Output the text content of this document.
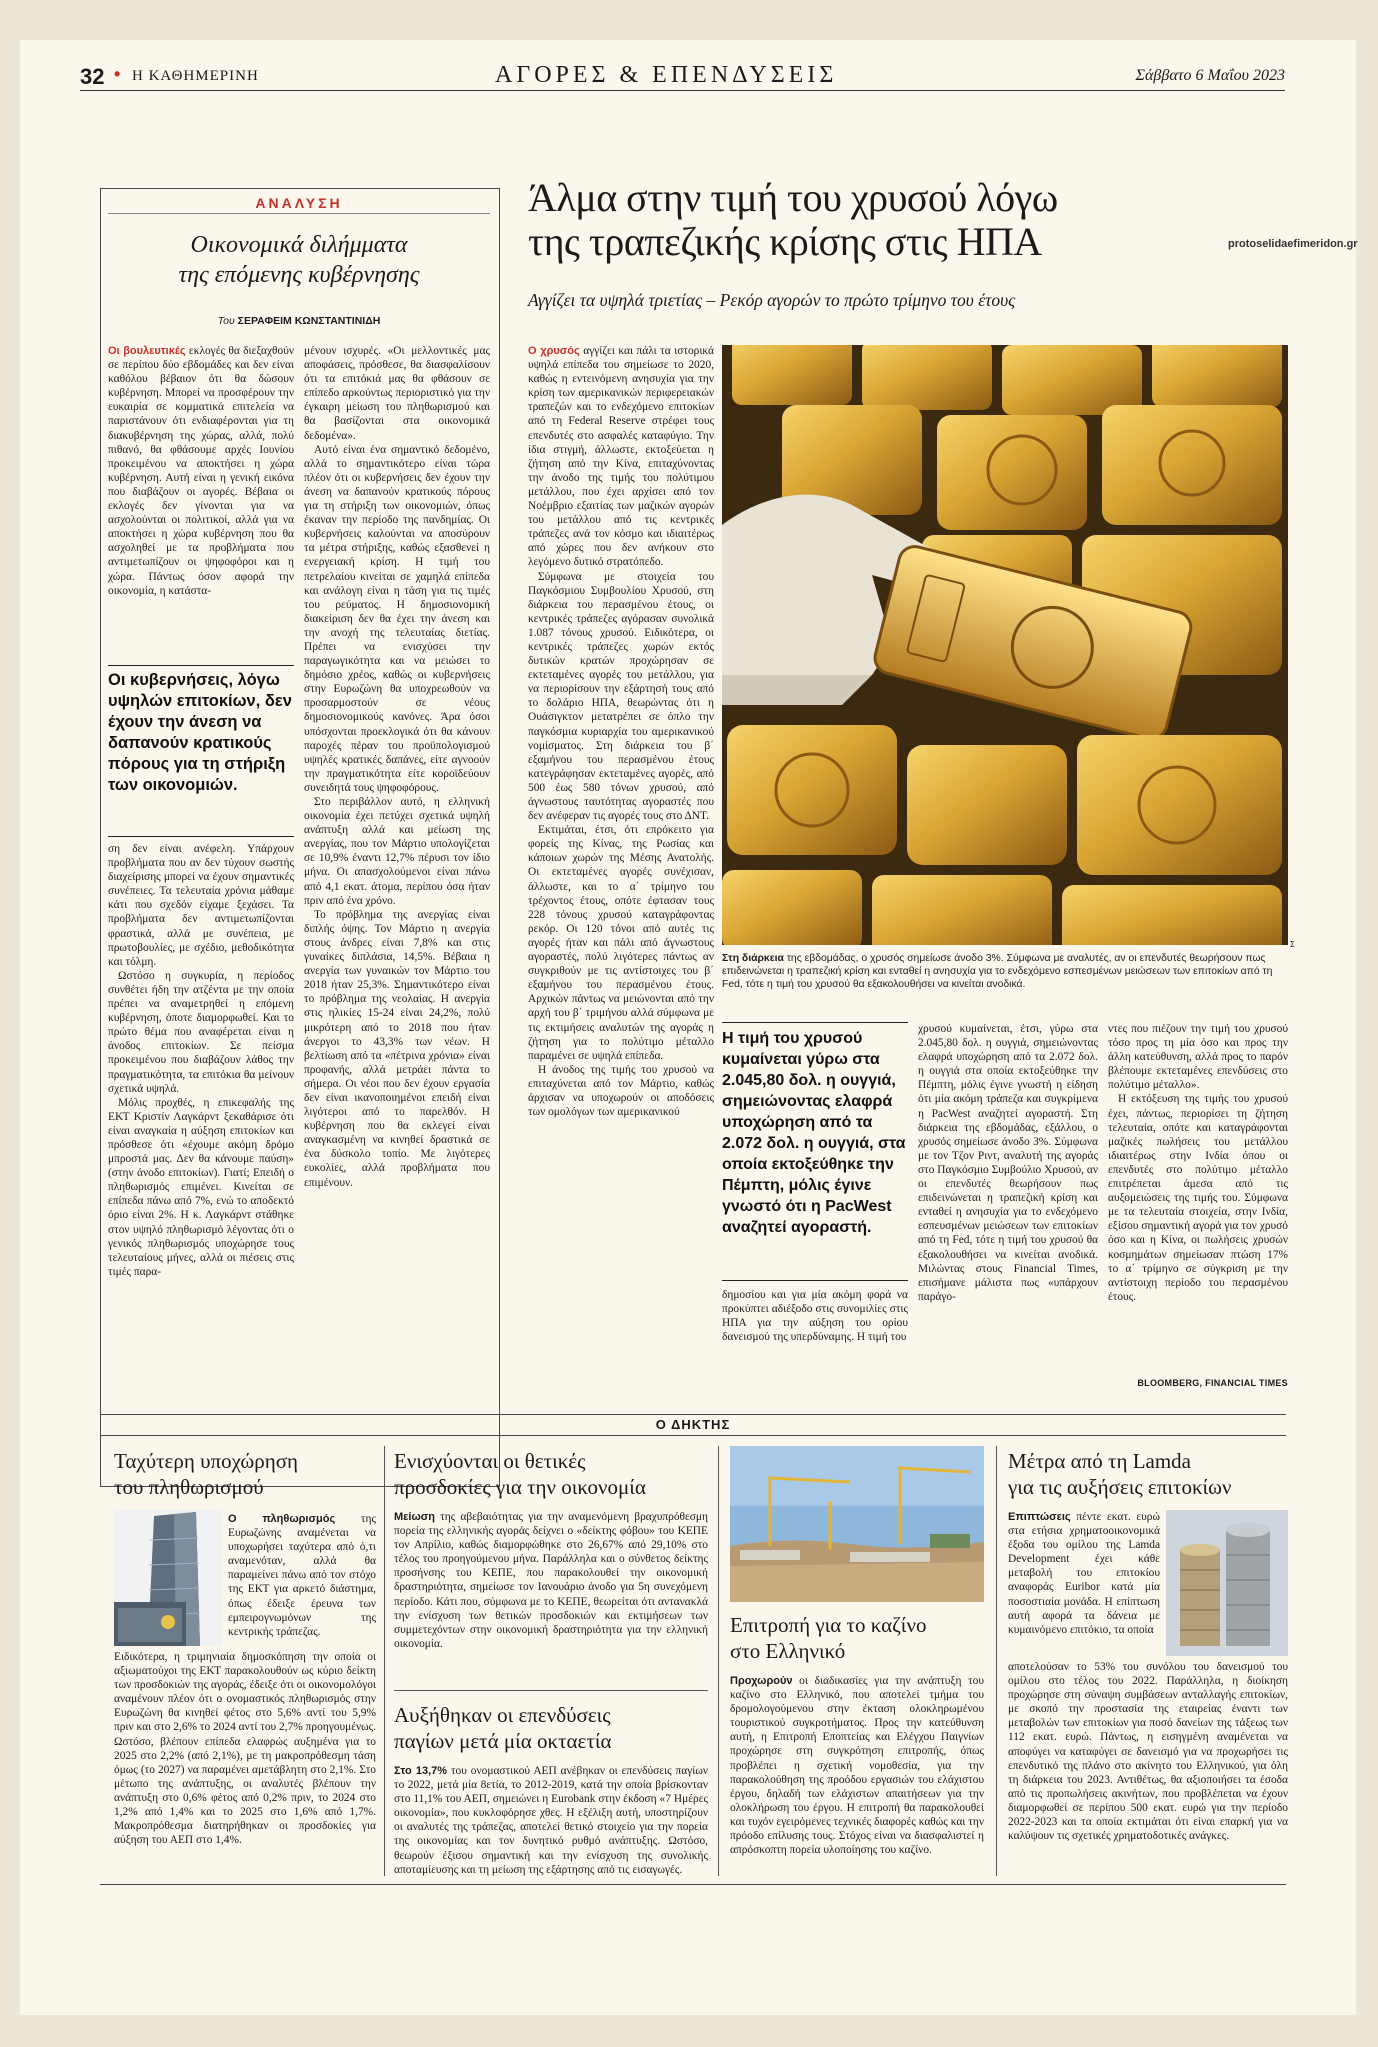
32 • Η ΚΑΘΗΜΕΡΙΝΗ	ΑΓΟΡΕΣ & ΕΠΕΝΔΥΣΕΙΣ	Σάββατο 6 Μαΐου 2023
ΑΝΑΛΥΣΗ
Οικονομικά διλήμματα
της επόμενης κυβέρνησης
Του ΣΕΡΑΦΕΙΜ ΚΩΝΣΤΑΝΤΙΝΙΔΗ

Οι βουλευτικές εκλογές θα διεξαχθούν σε περίπου δύο εβδομάδες και δεν είναι καθόλου βέβαιον ότι θα δώσουν κυβέρνηση. Μπορεί να προσφέρουν την ευκαιρία σε κομματικά επιτελεία να παριστάνουν ότι ενδιαφέρονται για τη διακυβέρνηση της χώρας, αλλά, πολύ πιθανό, θα φθάσουμε αρχές Ιουνίου προκειμένου να αποκτήσει η χώρα κυβέρνηση. Αυτή είναι η γενική εικόνα που διαβάζουν οι αγορές. Βέβαια οι εκλογές δεν γίνονται για να ασχολούνται οι πολιτικοί, αλλά για να αποκτήσει η χώρα κυβέρνηση που θα ασχοληθεί με τα προβλήματα που αντιμετωπίζουν οι ψηφοφόροι και η χώρα. Πάντως όσον αφορά την οικονομία, η κατάστα-

Οι κυβερνήσεις, λόγω υψηλών επιτοκίων, δεν έχουν την άνεση να δαπανούν κρατικούς πόρους για τη στήριξη των οικονομιών.

ση δεν είναι ανέφελη. Υπάρχουν προβλήματα που αν δεν τύχουν σωστής διαχείρισης μπορεί να έχουν σημαντικές συνέπειες. Τα τελευταία χρόνια μάθαμε κάτι που σχεδόν είχαμε ξεχάσει. Τα προβλήματα δεν αντιμετωπίζονται φραστικά, αλλά με συνέπεια, με πρωτοβουλίες, με σχέδιο, μεθοδικότητα και τόλμη.

Ωστόσο η συγκυρία, η περίοδος συνθέτει ήδη την ατζέντα με την οποία πρέπει να αναμετρηθεί η επόμενη κυβέρνηση, όποτε διαμορφωθεί. Και το πρώτο θέμα που αναφέρεται είναι η άνοδος επιτοκίων. Σε πείσμα προκειμένου που διαβάζουν λάθος την πραγματικότητα, τα επιτόκια θα μείνουν σχετικά υψηλά.

Μόλις προχθές, η επικεφαλής της ΕΚΤ Κριστίν Λαγκάρντ ξεκαθάρισε ότι είναι αναγκαία η αύξηση επιτοκίων και πρόσθεσε ότι «έχουμε ακόμη δρόμο μπροστά μας. Δεν θα κάνουμε παύση» (στην άνοδο επιτοκίων). Γιατί; Επειδή ο πληθωρισμός επιμένει. Κινείται σε επίπεδα πάνω από 7%, ενώ το αποδεκτό όριο είναι 2%. Η κ. Λαγκάρντ στάθηκε στον υψηλό πληθωρισμό λέγοντας ότι ο γενικός πληθωρισμός υποχώρησε τους τελευταίους μήνες, αλλά οι πιέσεις στις τιμές παρα-

μένουν ισχυρές. «Οι μελλοντικές μας αποφάσεις, πρόσθεσε, θα διασφαλίσουν ότι τα επιτόκιά μας θα φθάσουν σε επίπεδο αρκούντως περιοριστικό για την έγκαιρη μείωση του πληθωρισμού και θα βασίζονται στα οικονομικά δεδομένα».

Αυτό είναι ένα σημαντικό δεδομένο, αλλά το σημαντικότερο είναι τώρα πλέον ότι οι κυβερνήσεις δεν έχουν την άνεση να δαπανούν κρατικούς πόρους για τη στήριξη των οικονομιών, όπως έκαναν την περίοδο της πανδημίας. Οι κυβερνήσεις καλούνται να αποσύρουν τα μέτρα στήριξης, καθώς εξασθενεί η ενεργειακή κρίση. Η τιμή του πετρελαίου κινείται σε χαμηλά επίπεδα και ανάλογη είναι η τάση για τις τιμές του ρεύματος. Η δημοσιονομική διακείριση δεν θα έχει την άνεση και την ανοχή της τελευταίας διετίας. Πρέπει να ενισχύσει την παραγωγικότητα και να μειώσει το δημόσιο χρέος, καθώς οι κυβερνήσεις στην Ευρωζώνη θα υποχρεωθούν να προσαρμοστούν σε νέους δημοσιονομικούς κανόνες. Άρα όσοι υπόσχονται προεκλογικά ότι θα κάνουν παροχές πέραν του προϋπολογισμού υψηλές κρατικές δαπάνες, είτε αγνοούν την πραγματικότητα είτε κοροϊδεύουν συνειδητά τους ψηφοφόρους.

Στο περιβάλλον αυτό, η ελληνική οικονομία έχει πετύχει σχετικά υψηλή ανάπτυξη αλλά και μείωση της ανεργίας, που τον Μάρτιο υπολογίζεται σε 10,9% έναντι 12,7% πέρυσι τον ίδιο μήνα. Οι απασχολούμενοι είναι πάνω από 4,1 εκατ. άτομα, περίπου όσα ήταν πριν από ένα χρόνο.

Το πρόβλημα της ανεργίας είναι διπλής όψης. Τον Μάρτιο η ανεργία στους άνδρες είναι 7,8% και στις γυναίκες διπλάσια, 14,5%. Βέβαια η ανεργία των γυναικών τον Μάρτιο του 2018 ήταν 25,3%. Σημαντικότερο είναι το πρόβλημα της νεολαίας. Η ανεργία στις ηλικίες 15-24 είναι 24,2%, πολύ μικρότερη από το 2018 που ήταν άνεργοι το 43,3% των νέων. Η βελτίωση από τα «πέτρινα χρόνια» είναι προφανής, αλλά μετράει πάντα το σήμερα. Οι νέοι που δεν έχουν εργασία δεν είναι ικανοποιημένοι επειδή είναι λιγότεροι από το παρελθόν. Η κυβέρνηση που θα εκλεγεί είναι αναγκασμένη να κινηθεί δραστικά σε ένα δύσκολο τοπίο. Με λιγότερες ευκολίες, αλλά προβλήματα που επιμένουν.

Άλμα στην τιμή του χρυσού λόγω
της τραπεζικής κρίσης στις ΗΠΑ	protoselidaefimeridon.gr
Αγγίζει τα υψηλά τριετίας – Ρεκόρ αγορών το πρώτο τρίμηνο του έτους

Ο χρυσός αγγίζει και πάλι τα ιστορικά υψηλά επίπεδα του σημείωσε το 2020, καθώς η εντεινόμενη ανησυχία για την κρίση των αμερικανικών περιφερειακών τραπεζών και το ενδεχόμενο επιτοκίων από τη Federal Reserve στρέφει τους επενδυτές στο ασφαλές καταφύγιο. Την ίδια στιγμή, άλλωστε, εκτοξεύεται η ζήτηση από την Κίνα, επιταχύνοντας την άνοδο της τιμής του πολύτιμου μετάλλου, που έχει αρχίσει από τον Νοέμβριο εξαιτίας των μαζικών αγορών του μετάλλου από τις κεντρικές τράπεζες ανά τον κόσμο και ιδιαιτέρως από χώρες που δεν ανήκουν στο λεγόμενο δυτικό στρατόπεδο.

Σύμφωνα με στοιχεία του Παγκόσμιου Συμβουλίου Χρυσού, στη διάρκεια του περασμένου έτους, οι κεντρικές τράπεζες αγόρασαν συνολικά 1.087 τόνους χρυσού. Ειδικότερα, οι κεντρικές τράπεζες χωρών εκτός δυτικών κρατών προχώρησαν σε εκτεταμένες αγορές του μετάλλου, για να περιορίσουν την εξάρτησή τους από το δολάριο ΗΠΑ, θεωρώντας ότι η Ουάσιγκτον μετατρέπει σε όπλο την παγκόσμια κυριαρχία του αμερικανικού νομίσματος. Στη διάρκεια του β΄ εξαμήνου του περασμένου έτους κατεγράφησαν εκτεταμένες αγορές, από 500 έως 580 τόνων χρυσού, από άγνωστους ταυτότητας αγοραστές που δεν ανέφεραν τις αγορές τους στο ΔΝΤ.

Εκτιμάται, έτσι, ότι επρόκειτο για φορείς της Κίνας, της Ρωσίας και κάποιων χωρών της Μέσης Ανατολής. Οι εκτεταμένες αγορές συνέχισαν, άλλωστε, και το α΄ τρίμηνο του τρέχοντος έτους, οπότε έφτασαν τους 228 τόνους χρυσού καταγράφοντας ρεκόρ. Οι 120 τόνοι από αυτές τις αγορές ήταν και πάλι από άγνωστους αγοραστές, πολύ λιγότερες πάντως αν συγκριθούν με τις αντίστοιχες του β΄ εξαμήνου του περασμένου έτους. Αρχικών πάντως να μειώνονται από την αρχή του β΄ τριμήνου αλλά σύμφωνα με τις εκτιμήσεις αναλυτών της αγοράς η ζήτηση για το πολύτιμο μέταλλο παραμένει σε υψηλά επίπεδα.

Η άνοδος της τιμής του χρυσού να επιταχύνεται από τον Μάρτιο, καθώς άρχισαν να υποχωρούν οι αποδόσεις των ομολόγων των αμερικανικού

Σ
Στη διάρκεια της εβδομάδας, ο χρυσός σημείωσε άνοδο 3%. Σύμφωνα με αναλυτές, αν οι επενδυτές θεωρήσουν πως επιδεινώνεται η τραπεζική κρίση και ενταθεί η ανησυχία για το ενδεχόμενο εσπεσμένων μειώσεων των επιτοκίων από τη Fed, τότε η τιμή του χρυσού θα εξακολουθήσει να κινείται ανοδικά.
Η τιμή του χρυσού κυμαίνεται γύρω στα 2.045,80 δολ. η ουγγιά, σημειώνοντας ελαφρά υποχώρηση από τα 2.072 δολ. η ουγγιά, στα οποία εκτοξεύθηκε την Πέμπτη, μόλις έγινε γνωστό ότι η PacWest αναζητεί αγοραστή.

δημοσίου και για μία ακόμη φορά να προκύπτει αδιέξοδο στις συνομιλίες στις ΗΠΑ για την αύξηση του ορίου δανεισμού της υπερδύναμης. Η τιμή του

χρυσού κυμαίνεται, έτσι, γύρω στα 2.045,80 δολ. η ουγγιά, σημειώνοντας ελαφρά υποχώρηση από τα 2.072 δολ. η ουγγιά στα οποία εκτοξεύθηκε την Πέμπτη, μόλις έγινε γνωστή η είδηση ότι μία ακόμη τράπεζα και συγκρίμενα η PacWest αναζητεί αγοραστή. Στη διάρκεια της εβδομάδας, εξάλλου, ο χρυσός σημείωσε άνοδο 3%. Σύμφωνα με τον Τζον Ριντ, αναλυτή της αγοράς στο Παγκόσμιο Συμβούλιο Χρυσού, αν οι επενδυτές θεωρήσουν πως επιδεινώνεται η τραπεζική κρίση και ενταθεί η ανησυχία για το ενδεχόμενο εσπευσμένων μειώσεων των επιτοκίων από τη Fed, τότε η τιμή του χρυσού θα εξακολουθήσει να κινείται ανοδικά. Μιλώντας στους Financial Times, επισήμανε μάλιστα πως «υπάρχουν παράγο-

ντες που πιέζουν την τιμή του χρυσού τόσο προς τη μία όσο και προς την άλλη κατεύθυνση, αλλά προς το παρόν βλέπουμε εκτεταμένες επενδύσεις στο πολύτιμο μέταλλο».

Η εκτόξευση της τιμής του χρυσού έχει, πάντως, περιορίσει τη ζήτηση τελευταία, οπότε και καταγράφονται μαζικές πωλήσεις του μετάλλου ιδιαιτέρως στην Ινδία όπου οι επενδυτές στο πολύτιμο μέταλλο επιτρέπεται άμεσα από τις αυξομειώσεις της τιμής του. Σύμφωνα με τα τελευταία στοιχεία, στην Ινδία, εξίσου σημαντική αγορά για τον χρυσό όσο και η Κίνα, οι πωλήσεις χρυσών κοσμημάτων σημείωσαν πτώση 17% το α΄ τρίμηνο σε σύγκριση με την αντίστοιχη περίοδο του περασμένου έτους.

BLOOMBERG, FINANCIAL TIMES
Ο ΔΗΚΤΗΣ
Ταχύτερη υποχώρηση
του πληθωρισμού

Ο πληθωρισμός της Ευρωζώνης αναμένεται να υποχωρήσει ταχύτερα από ό,τι αναμενόταν, αλλά θα παραμείνει πάνω από τον στόχο της ΕΚΤ για αρκετό διάστημα, όπως έδειξε έρευνα των εμπειρογνωμόνων της κεντρικής τράπεζας.

Ειδικότερα, η τριμηνιαία δημοσκόπηση την οποία οι αξιωματούχοι της ΕΚΤ παρακολουθούν ως κύριο δείκτη των προσδοκιών της αγοράς, έδειξε ότι οι οικονομολόγοι αναμένουν πλέον ότι ο ονομαστικός πληθωρισμός στην Ευρωζώνη θα κινηθεί φέτος στο 5,6% αντί του 5,9% πριν και στο 2,6% το 2024 αντί του 2,7% προηγουμένως. Ωστόσο, βλέπουν επίπεδα ελαφρώς αυξημένα για το 2025 στο 2,2% (από 2,1%), με τη μακροπρόθεσμη τάση όμως (το 2027) να παραμένει αμετάβλητη στο 2,1%. Στο μέτωπο της ανάπτυξης, οι αναλυτές βλέπουν την ανάπτυξη στο 0,6% φέτος από 0,2% πριν, το 2024 στο 1,2% από 1,4% και το 2025 στο 1,6% από 1,7%. Μακροπρόθεσμα διατηρήθηκαν οι προσδοκίες για αύξηση του ΑΕΠ στο 1,4%.

Ενισχύονται οι θετικές
προσδοκίες για την οικονομία

Μείωση της αβεβαιότητας για την αναμενόμενη βραχυπρόθεσμη πορεία της ελληνικής αγοράς δείχνει ο «δείκτης φόβου» του ΚΕΠΕ τον Απρίλιο, καθώς διαμορφώθηκε στο 26,67% από 29,10% στο τέλος του προηγούμενου μήνα. Παράλληλα και ο σύνθετος δείκτης προσήνσης του ΚΕΠΕ, που παρακολουθεί την οικονομική δραστηριότητα, σημείωσε τον Ιανουάριο άνοδο για 5η συνεχόμενη περίοδο. Κάτι που, σύμφωνα με το ΚΕΠΕ, θεωρείται ότι αντανακλά την ενίσχυση των θετικών προσδοκιών και εκτιμήσεων των συμμετεχόντων στην οικονομική δραστηριότητα για την ελληνική οικονομία.

Αυξήθηκαν οι επενδύσεις
παγίων μετά μία οκταετία

Στο 13,7% του ονομαστικού ΑΕΠ ανέβηκαν οι επενδύσεις παγίων το 2022, μετά μία 8ετία, το 2012-2019, κατά την οποία βρίσκονταν στο 11,1% του ΑΕΠ, σημειώνει η Eurobank στην έκδοση «7 Ημέρες οικονομία», που κυκλοφόρησε χθες. Η εξέλιξη αυτή, υποστηρίζουν οι αναλυτές της τράπεζας, αποτελεί θετικό στοιχείο για την πορεία της οικονομίας και τον δυνητικό ρυθμό ανάπτυξης. Ωστόσο, θεωρούν έξισου σημαντική και την ενίσχυση της συνολικής αποταμίευσης και τη μείωση της εξάρτησης από τις εισαγωγές.

Επιτροπή για το καζίνο
στο Ελληνικό

Προχωρούν οι διαδικασίες για την ανάπτυξη του καζίνο στο Ελληνικό, που αποτελεί τμήμα του δρομολογούμενου στην έκταση ολοκληρωμένου τουριστικού συγκροτήματος. Προς την κατεύθυνση αυτή, η Επιτροπή Εποπτείας και Ελέγχου Παιγνίων προχώρησε στη συγκρότηση επιτροπής, όπως προβλέπει η σχετική νομοθεσία, για την παρακολούθηση της προόδου εργασιών του ελάχιστου έργου, δηλαδή των ελάχιστων απαιτήσεων για την ολοκλήρωση του έργου. Η επιτροπή θα παρακολουθεί και τυχόν εγειρόμενες τεχνικές διαφορές καθώς και την πρόοδο επίλυσης τους. Στόχος είναι να διασφαλιστεί η απρόσκοπτη πορεία υλοποίησης του καζίνο.

Μέτρα από τη Lamda
για τις αυξήσεις επιτοκίων

Επιπτώσεις πέντε εκατ. ευρώ στα ετήσια χρηματοοικονομικά έξοδα του ομίλου της Lamda Development έχει κάθε μεταβολή του επιτοκίου αναφοράς Euribor κατά μία ποσοστιαία μονάδα. Η επίπτωση αυτή αφορά τα δάνεια με κυμαινόμενο επιτόκιο, τα οποία

αποτελούσαν το 53% του συνόλου του δανεισμού του ομίλου στο τέλος του 2022. Παράλληλα, η διοίκηση προχώρησε στη σύναψη συμβάσεων ανταλλαγής επιτοκίων, με σκοπό την προστασία της εταιρείας έναντι των μεταβολών των επιτοκίων για ποσό δανείων της τάξεως των 112 εκατ. ευρώ. Πάντως, η εισηγμένη αναμένεται να αποφύγει να καταφύγει σε δανεισμό για να προχωρήσει τις επενδυτικό της πλάνο στο ακίνητο του Ελληνικού, για όλη τη διάρκεια του 2023. Αντιθέτως, θα αξιοποιήσει τα έσοδα από τις προπωλήσεις ακινήτων, που προβλέπεται να έχουν διαμορφωθεί σε περίπου 500 εκατ. ευρώ για την περίοδο 2022-2023 και τα οποία εκτιμάται ότι είναι επαρκή για να καλύψουν τις σχετικές χρηματοδοτικές ανάγκες.
